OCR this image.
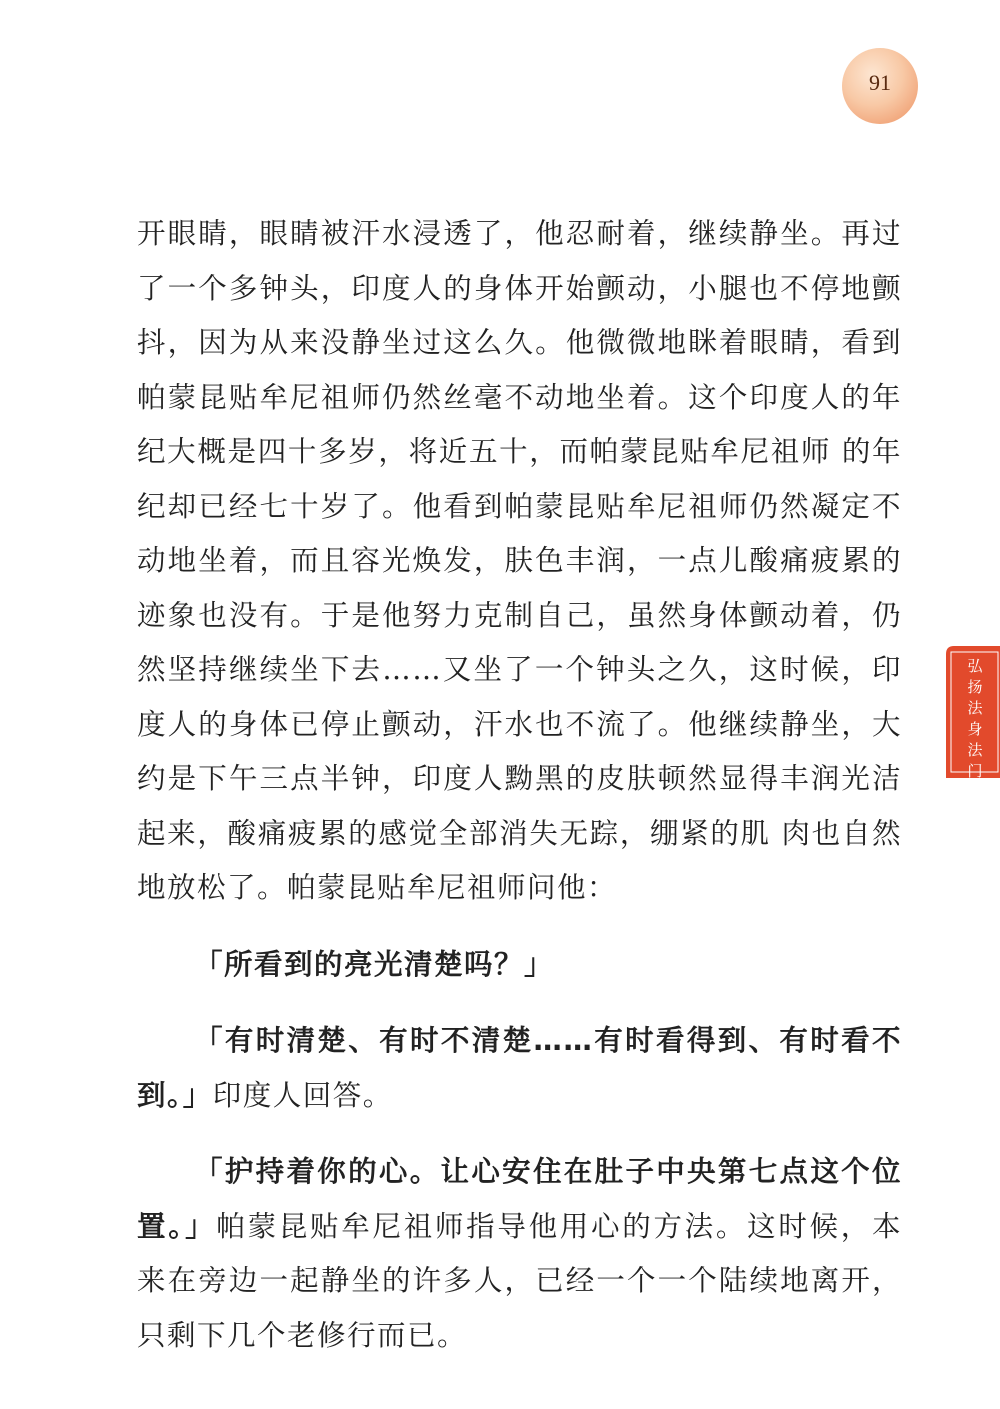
91
弘
扬
法
身
法
门

开眼睛，眼睛被汗水浸透了，他忍耐着，继续静坐。再过了一个多钟头，印度人的身体开始颤动，小腿也不停地颤抖，因为从来没静坐过这么久。他微微地眯着眼睛，看到帕蒙昆贴牟尼祖师仍然丝毫不动地坐着。这个印度人的年纪大概是四十多岁，将近五十，而帕蒙昆贴牟尼祖师 的年纪却已经七十岁了。他看到帕蒙昆贴牟尼祖师仍然凝定不动地坐着，而且容光焕发，肤色丰润，一点儿酸痛疲累的迹象也没有。于是他努力克制自己，虽然身体颤动着，仍然坚持继续坐下去……又坐了一个钟头之久，这时候，印度人的身体已停止颤动，汗水也不流了。他继续静坐，大约是下午三点半钟，印度人黝黑的皮肤顿然显得丰润光洁起来，酸痛疲累的感觉全部消失无踪，绷紧的肌 肉也自然地放松了。帕蒙昆贴牟尼祖师问他：

「所看到的亮光清楚吗？」

「有时清楚、有时不清楚……有时看得到、有时看不到。」印度人回答。

「护持着你的心。让心安住在肚子中央第七点这个位置。」帕蒙昆贴牟尼祖师指导他用心的方法。这时候，本来在旁边一起静坐的许多人，已经一个一个陆续地离开，只剩下几个老修行而已。
